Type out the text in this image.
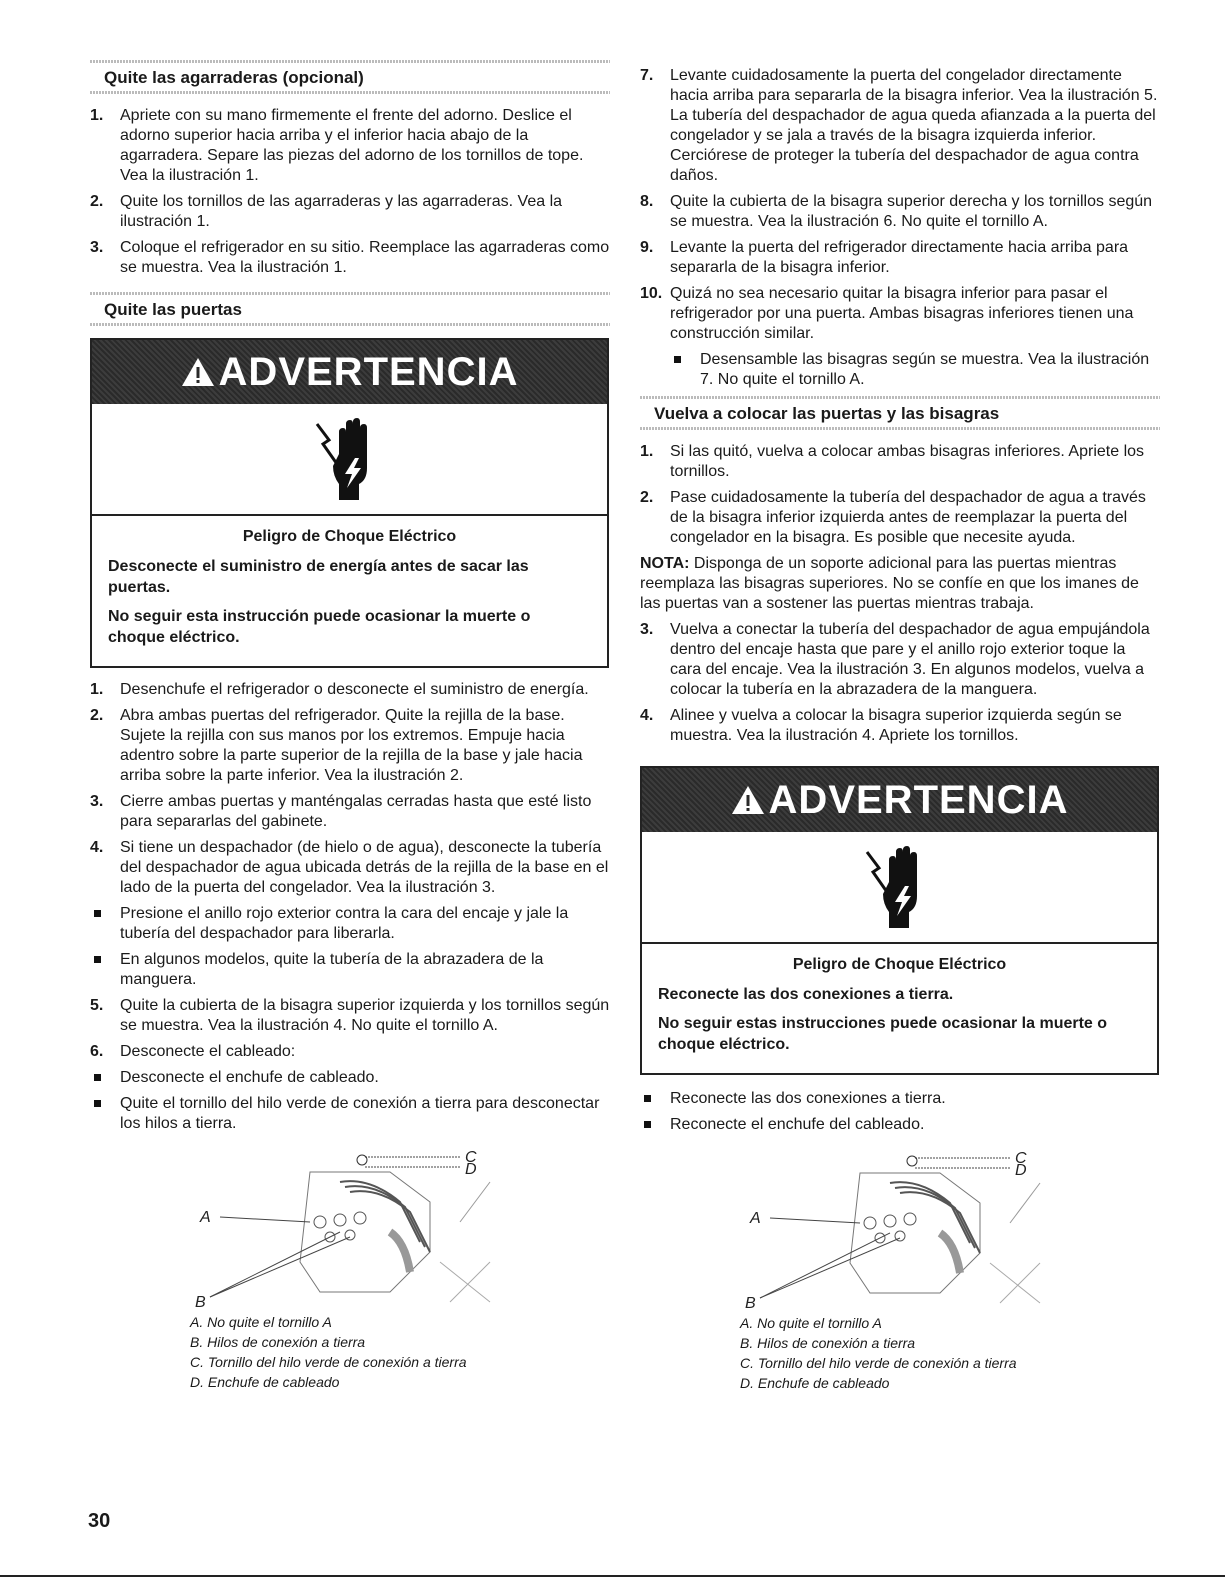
Quite las agarraderas (opcional)
1. Apriete con su mano firmemente el frente del adorno. Deslice el adorno superior hacia arriba y el inferior hacia abajo de la agarradera. Separe las piezas del adorno de los tornillos de tope. Vea la ilustración 1.
2. Quite los tornillos de las agarraderas y las agarraderas. Vea la ilustración 1.
3. Coloque el refrigerador en su sitio. Reemplace las agarraderas como se muestra. Vea la ilustración 1.
Quite las puertas
ADVERTENCIA
Peligro de Choque Eléctrico

Desconecte el suministro de energía antes de sacar las puertas.

No seguir esta instrucción puede ocasionar la muerte o choque eléctrico.

1. Desenchufe el refrigerador o desconecte el suministro de energía.
2. Abra ambas puertas del refrigerador. Quite la rejilla de la base. Sujete la rejilla con sus manos por los extremos. Empuje hacia adentro sobre la parte superior de la rejilla de la base y jale hacia arriba sobre la parte inferior. Vea la ilustración 2.
3. Cierre ambas puertas y manténgalas cerradas hasta que esté listo para separarlas del gabinete.
4. Si tiene un despachador (de hielo o de agua), desconecte la tubería del despachador de agua ubicada detrás de la rejilla de la base en el lado de la puerta del congelador. Vea la ilustración 3.
Presione el anillo rojo exterior contra la cara del encaje y jale la tubería del despachador para liberarla.
En algunos modelos, quite la tubería de la abrazadera de la manguera.
5. Quite la cubierta de la bisagra superior izquierda y los tornillos según se muestra. Vea la ilustración 4. No quite el tornillo A.
6. Desconecte el cableado:
Desconecte el enchufe de cableado.
Quite el tornillo del hilo verde de conexión a tierra para desconectar los hilos a tierra.
A
B
C
D
A. No quite el tornillo A
B. Hilos de conexión a tierra
C. Tornillo del hilo verde de conexión a tierra
D. Enchufe de cableado
7. Levante cuidadosamente la puerta del congelador directamente hacia arriba para separarla de la bisagra inferior. Vea la ilustración 5. La tubería del despachador de agua queda afianzada a la puerta del congelador y se jala a través de la bisagra izquierda inferior. Cerciórese de proteger la tubería del despachador de agua contra daños.
8. Quite la cubierta de la bisagra superior derecha y los tornillos según se muestra. Vea la ilustración 6. No quite el tornillo A.
9. Levante la puerta del refrigerador directamente hacia arriba para separarla de la bisagra inferior.
10. Quizá no sea necesario quitar la bisagra inferior para pasar el refrigerador por una puerta. Ambas bisagras inferiores tienen una construcción similar.
Desensamble las bisagras según se muestra. Vea la ilustración 7. No quite el tornillo A.
Vuelva a colocar las puertas y las bisagras
1. Si las quitó, vuelva a colocar ambas bisagras inferiores. Apriete los tornillos.
2. Pase cuidadosamente la tubería del despachador de agua a través de la bisagra inferior izquierda antes de reemplazar la puerta del congelador en la bisagra. Es posible que necesite ayuda.

NOTA: Disponga de un soporte adicional para las puertas mientras reemplaza las bisagras superiores. No se confíe en que los imanes de las puertas van a sostener las puertas mientras trabaja.

3. Vuelva a conectar la tubería del despachador de agua empujándola dentro del encaje hasta que pare y el anillo rojo exterior toque la cara del encaje. Vea la ilustración 3. En algunos modelos, vuelva a colocar la tubería en la abrazadera de la manguera.
4. Alinee y vuelva a colocar la bisagra superior izquierda según se muestra. Vea la ilustración 4. Apriete los tornillos.
ADVERTENCIA
Peligro de Choque Eléctrico

Reconecte las dos conexiones a tierra.

No seguir estas instrucciones puede ocasionar la muerte o choque eléctrico.

Reconecte las dos conexiones a tierra.
Reconecte el enchufe del cableado.
A
B
C
D
A. No quite el tornillo A
B. Hilos de conexión a tierra
C. Tornillo del hilo verde de conexión a tierra
D. Enchufe de cableado
30
